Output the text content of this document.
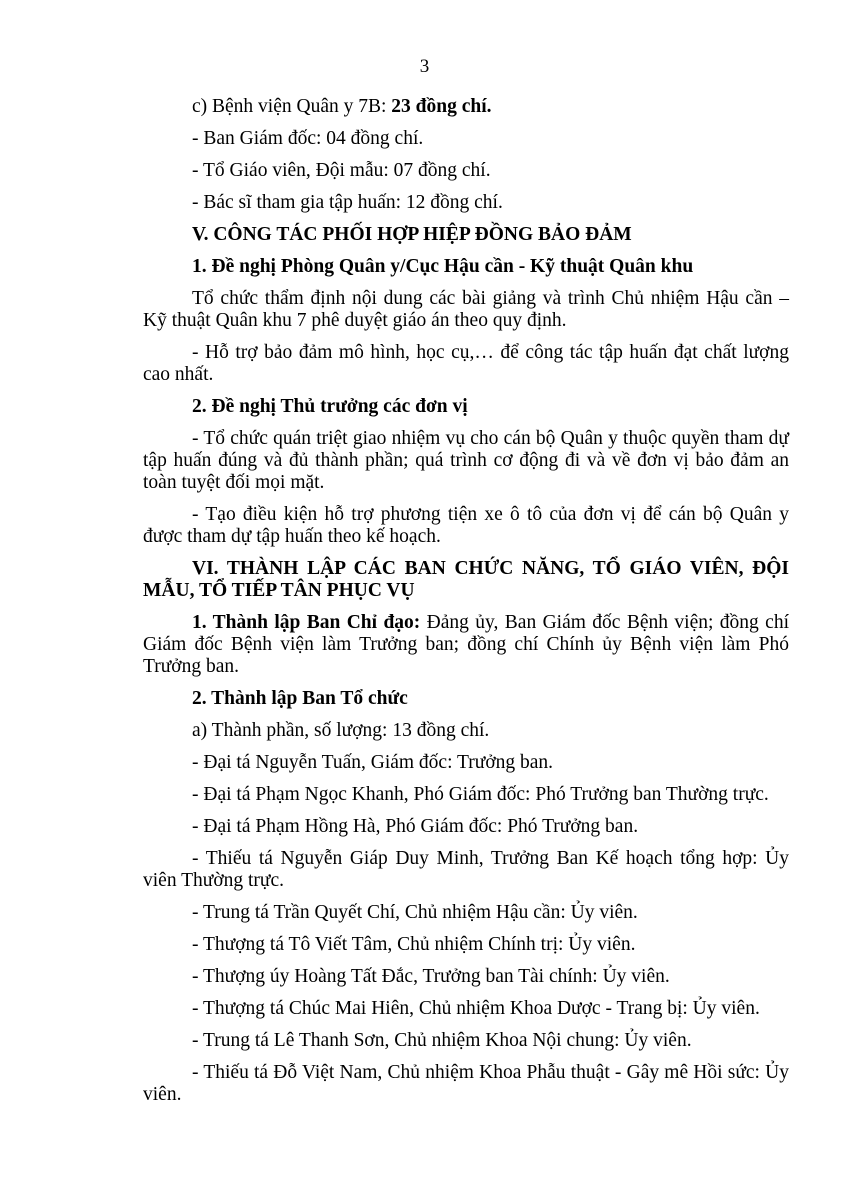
3

c) Bệnh viện Quân y 7B: 23 đồng chí.

- Ban Giám đốc: 04 đồng chí.

- Tổ Giáo viên, Đội mẫu: 07 đồng chí.

- Bác sĩ tham gia tập huấn: 12 đồng chí.

V. CÔNG TÁC PHỐI HỢP HIỆP ĐỒNG BẢO ĐẢM

1. Đề nghị Phòng Quân y/Cục Hậu cần - Kỹ thuật Quân khu

Tổ chức thẩm định nội dung các bài giảng và trình Chủ nhiệm Hậu cần – Kỹ thuật Quân khu 7 phê duyệt giáo án theo quy định.

- Hỗ trợ bảo đảm mô hình, học cụ,… để công tác tập huấn đạt chất lượng cao nhất.

2. Đề nghị Thủ trưởng các đơn vị

- Tổ chức quán triệt giao nhiệm vụ cho cán bộ Quân y thuộc quyền tham dự tập huấn đúng và đủ thành phần; quá trình cơ động đi và về đơn vị bảo đảm an toàn tuyệt đối mọi mặt.

- Tạo điều kiện hỗ trợ phương tiện xe ô tô của đơn vị để cán bộ Quân y được tham dự tập huấn theo kế hoạch.

VI. THÀNH LẬP CÁC BAN CHỨC NĂNG, TỔ GIÁO VIÊN, ĐỘI MẪU, TỔ TIẾP TÂN PHỤC VỤ

1. Thành lập Ban Chỉ đạo: Đảng ủy, Ban Giám đốc Bệnh viện; đồng chí Giám đốc Bệnh viện làm Trưởng ban; đồng chí Chính ủy Bệnh viện làm Phó Trưởng ban.

2. Thành lập Ban Tổ chức

a) Thành phần, số lượng: 13 đồng chí.

- Đại tá Nguyễn Tuấn, Giám đốc: Trưởng ban.

- Đại tá Phạm Ngọc Khanh, Phó Giám đốc: Phó Trưởng ban Thường trực.

- Đại tá Phạm Hồng Hà, Phó Giám đốc: Phó Trưởng ban.

- Thiếu tá Nguyễn Giáp Duy Minh, Trưởng Ban Kế hoạch tổng hợp: Ủy viên Thường trực.

- Trung tá Trần Quyết Chí, Chủ nhiệm Hậu cần: Ủy viên.

- Thượng tá Tô Viết Tâm, Chủ nhiệm Chính trị: Ủy viên.

- Thượng úy Hoàng Tất Đắc, Trưởng ban Tài chính: Ủy viên.

- Thượng tá Chúc Mai Hiên, Chủ nhiệm Khoa Dược - Trang bị: Ủy viên.

- Trung tá Lê Thanh Sơn, Chủ nhiệm Khoa Nội chung: Ủy viên.

- Thiếu tá Đỗ Việt Nam, Chủ nhiệm Khoa Phẫu thuật - Gây mê Hồi sức: Ủy viên.
